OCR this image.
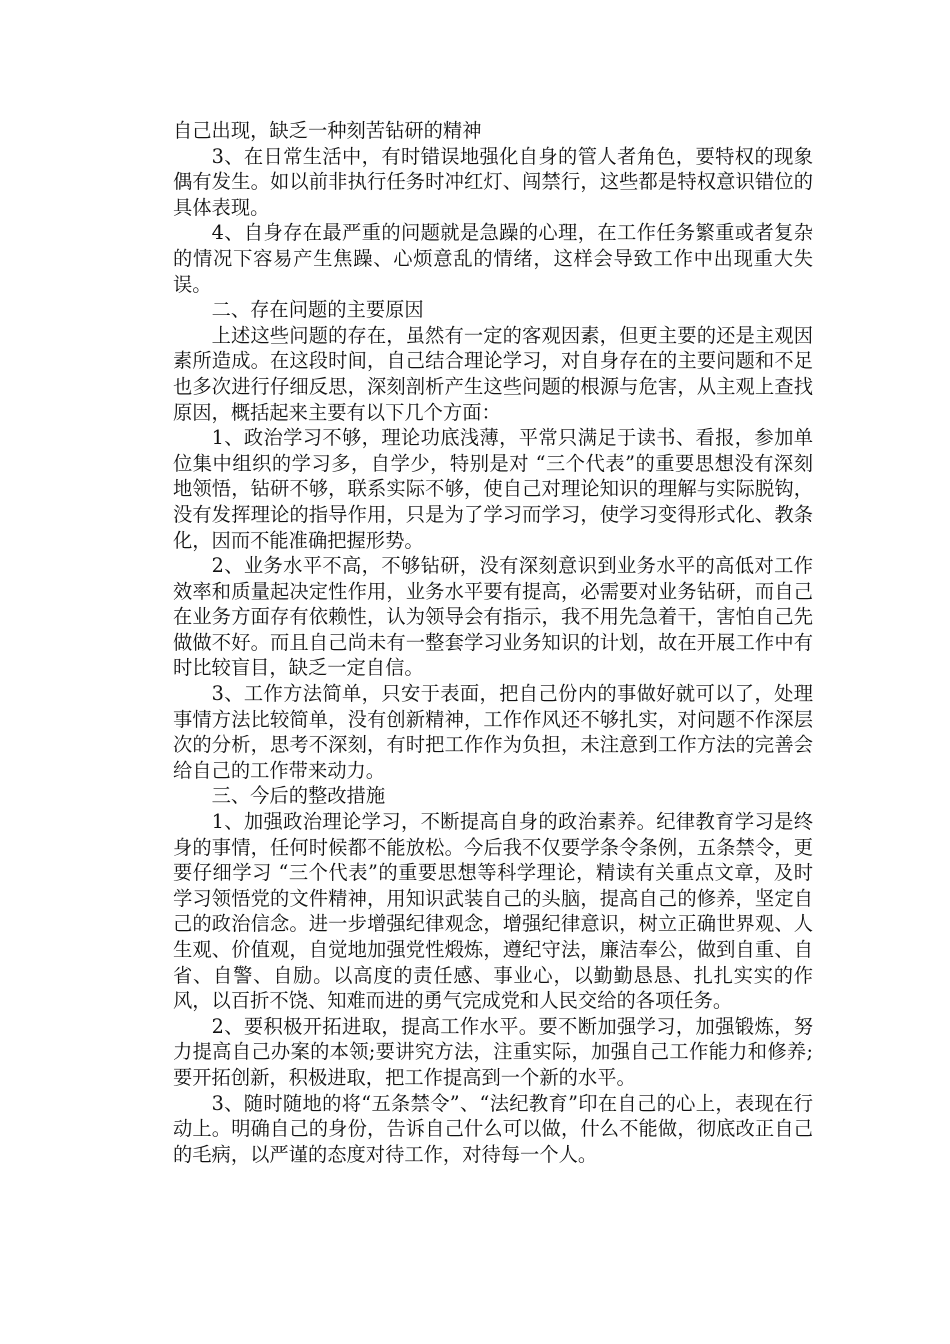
自己出现，缺乏一种刻苦钻研的精神

3、在日常生活中，有时错误地强化自身的管人者角色，要特权的现象偶有发生。如以前非执行任务时冲红灯、闯禁行，这些都是特权意识错位的具体表现。

4、自身存在最严重的问题就是急躁的心理，在工作任务繁重或者复杂的情况下容易产生焦躁、心烦意乱的情绪，这样会导致工作中出现重大失误。

二、存在问题的主要原因

上述这些问题的存在，虽然有一定的客观因素，但更主要的还是主观因素所造成。在这段时间，自己结合理论学习，对自身存在的主要问题和不足也多次进行仔细反思，深刻剖析产生这些问题的根源与危害，从主观上查找原因，概括起来主要有以下几个方面：

1、政治学习不够，理论功底浅薄，平常只满足于读书、看报，参加单位集中组织的学习多，自学少，特别是对 “三个代表”的重要思想没有深刻地领悟，钻研不够，联系实际不够，使自己对理论知识的理解与实际脱钩，没有发挥理论的指导作用，只是为了学习而学习，使学习变得形式化、教条化，因而不能准确把握形势。

2、业务水平不高，不够钻研，没有深刻意识到业务水平的高低对工作效率和质量起决定性作用，业务水平要有提高，必需要对业务钻研，而自己在业务方面存有依赖性，认为领导会有指示，我不用先急着干，害怕自己先做做不好。而且自己尚未有一整套学习业务知识的计划，故在开展工作中有时比较盲目，缺乏一定自信。

3、工作方法简单，只安于表面，把自己份内的事做好就可以了，处理事情方法比较简单，没有创新精神，工作作风还不够扎实，对问题不作深层次的分析，思考不深刻，有时把工作作为负担，未注意到工作方法的完善会给自己的工作带来动力。

三、今后的整改措施

1、加强政治理论学习，不断提高自身的政治素养。纪律教育学习是终身的事情，任何时候都不能放松。今后我不仅要学条令条例，五条禁令，更要仔细学习 “三个代表”的重要思想等科学理论，精读有关重点文章，及时学习领悟党的文件精神，用知识武装自己的头脑，提高自己的修养，坚定自己的政治信念。进一步增强纪律观念，增强纪律意识，树立正确世界观、人生观、价值观，自觉地加强党性煅炼，遵纪守法，廉洁奉公，做到自重、自省、自警、自励。以高度的责任感、事业心，以勤勤恳恳、扎扎实实的作风，以百折不饶、知难而进的勇气完成党和人民交给的各项任务。

2、要积极开拓进取，提高工作水平。要不断加强学习，加强锻炼，努力提高自己办案的本领;要讲究方法，注重实际，加强自己工作能力和修养;要开拓创新，积极进取，把工作提高到一个新的水平。

3、随时随地的将“五条禁令”、“法纪教育”印在自己的心上，表现在行动上。明确自己的身份，告诉自己什么可以做，什么不能做，彻底改正自己的毛病，以严谨的态度对待工作，对待每一个人。
